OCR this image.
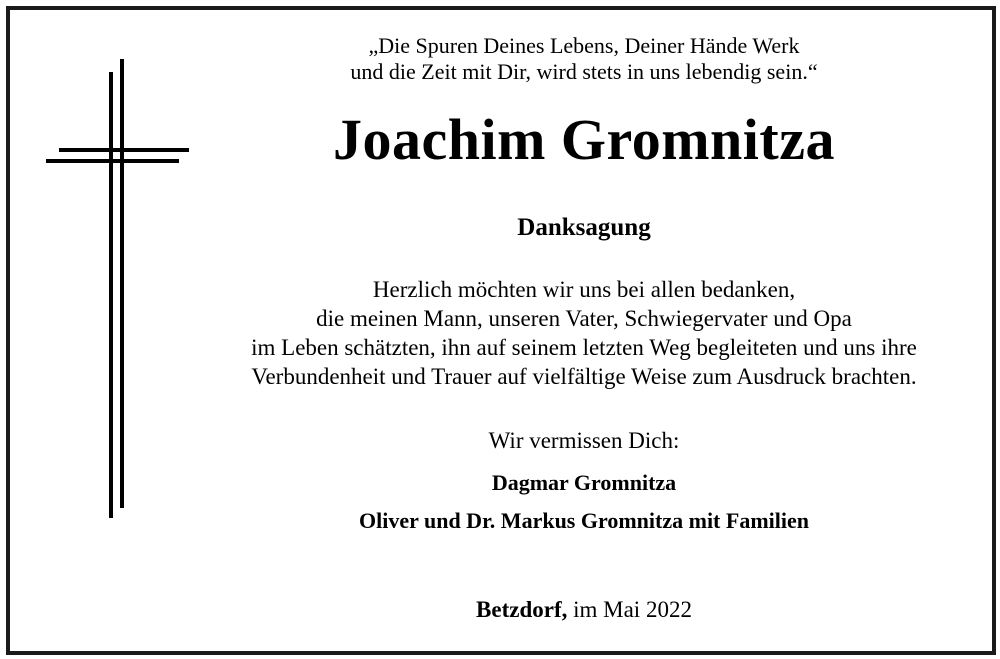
„Die Spuren Deines Lebens, Deiner Hände Werk
und die Zeit mit Dir, wird stets in uns lebendig sein.“
Joachim Gromnitza
Danksagung
Herzlich möchten wir uns bei allen bedanken,
die meinen Mann, unseren Vater, Schwiegervater und Opa
im Leben schätzten, ihn auf seinem letzten Weg begleiteten und uns ihre
Verbundenheit und Trauer auf vielfältige Weise zum Ausdruck brachten.
Wir vermissen Dich:
Dagmar Gromnitza
Oliver und Dr. Markus Gromnitza mit Familien
Betzdorf, im Mai 2022
